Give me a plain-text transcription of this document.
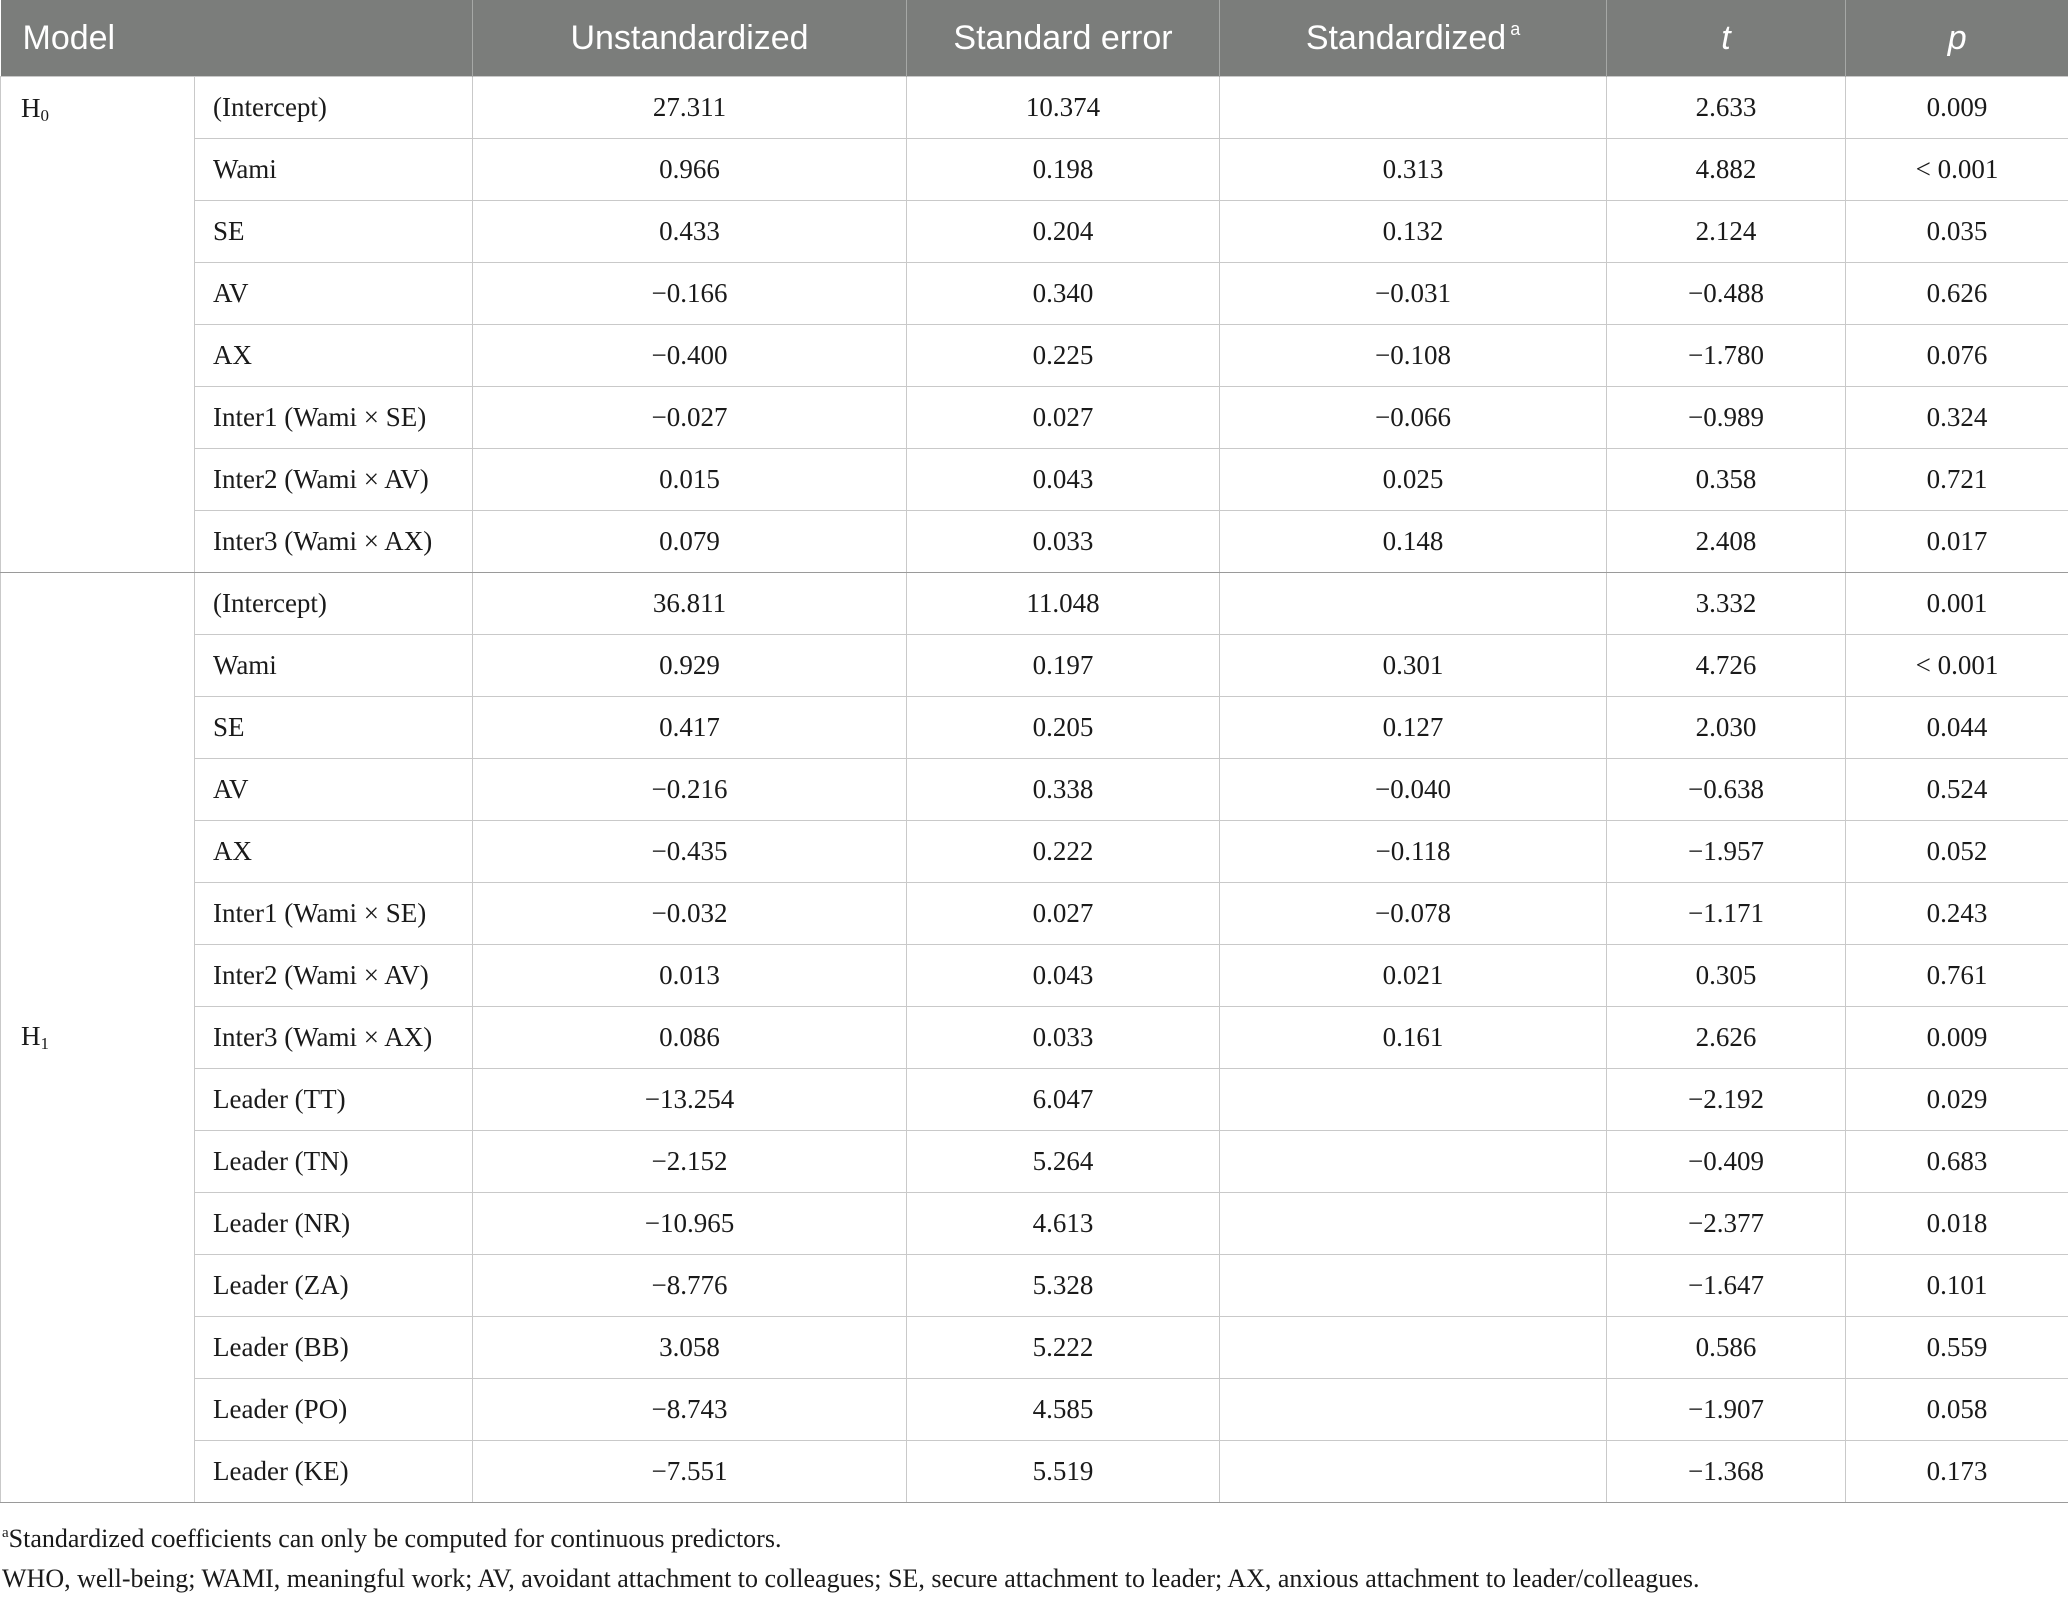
Model		Unstandardized	Standard error	Standardized $^a$	t	p
$H_0$	(Intercept)	27.311	10.374		2.633	0.009
	Wami	0.966	0.198	0.313	4.882	< 0.001
	SE	0.433	0.204	0.132	2.124	0.035
	AV	−0.166	0.340	−0.031	−0.488	0.626
	AX	−0.400	0.225	−0.108	−1.780	0.076
	Inter1 (Wami × SE)	−0.027	0.027	−0.066	−0.989	0.324
	Inter2 (Wami × AV)	0.015	0.043	0.025	0.358	0.721
	Inter3 (Wami × AX)	0.079	0.033	0.148	2.408	0.017
$H_1$	(Intercept)	36.811	11.048		3.332	0.001
	Wami	0.929	0.197	0.301	4.726	< 0.001
	SE	0.417	0.205	0.127	2.030	0.044
	AV	−0.216	0.338	−0.040	−0.638	0.524
	AX	−0.435	0.222	−0.118	−1.957	0.052
	Inter1 (Wami × SE)	−0.032	0.027	−0.078	−1.171	0.243
	Inter2 (Wami × AV)	0.013	0.043	0.021	0.305	0.761
	Inter3 (Wami × AX)	0.086	0.033	0.161	2.626	0.009
	Leader (TT)	−13.254	6.047		−2.192	0.029
	Leader (TN)	−2.152	5.264		−0.409	0.683
	Leader (NR)	−10.965	4.613		−2.377	0.018
	Leader (ZA)	−8.776	5.328		−1.647	0.101
	Leader (BB)	3.058	5.222		0.586	0.559
	Leader (PO)	−8.743	4.585		−1.907	0.058
	Leader (KE)	−7.551	5.519		−1.368	0.173
$^a$Standardized coefficients can only be computed for continuous predictors.
WHO, well-being; WAMI, meaningful work; AV, avoidant attachment to colleagues; SE, secure attachment to leader; AX, anxious attachment to leader/colleagues.
